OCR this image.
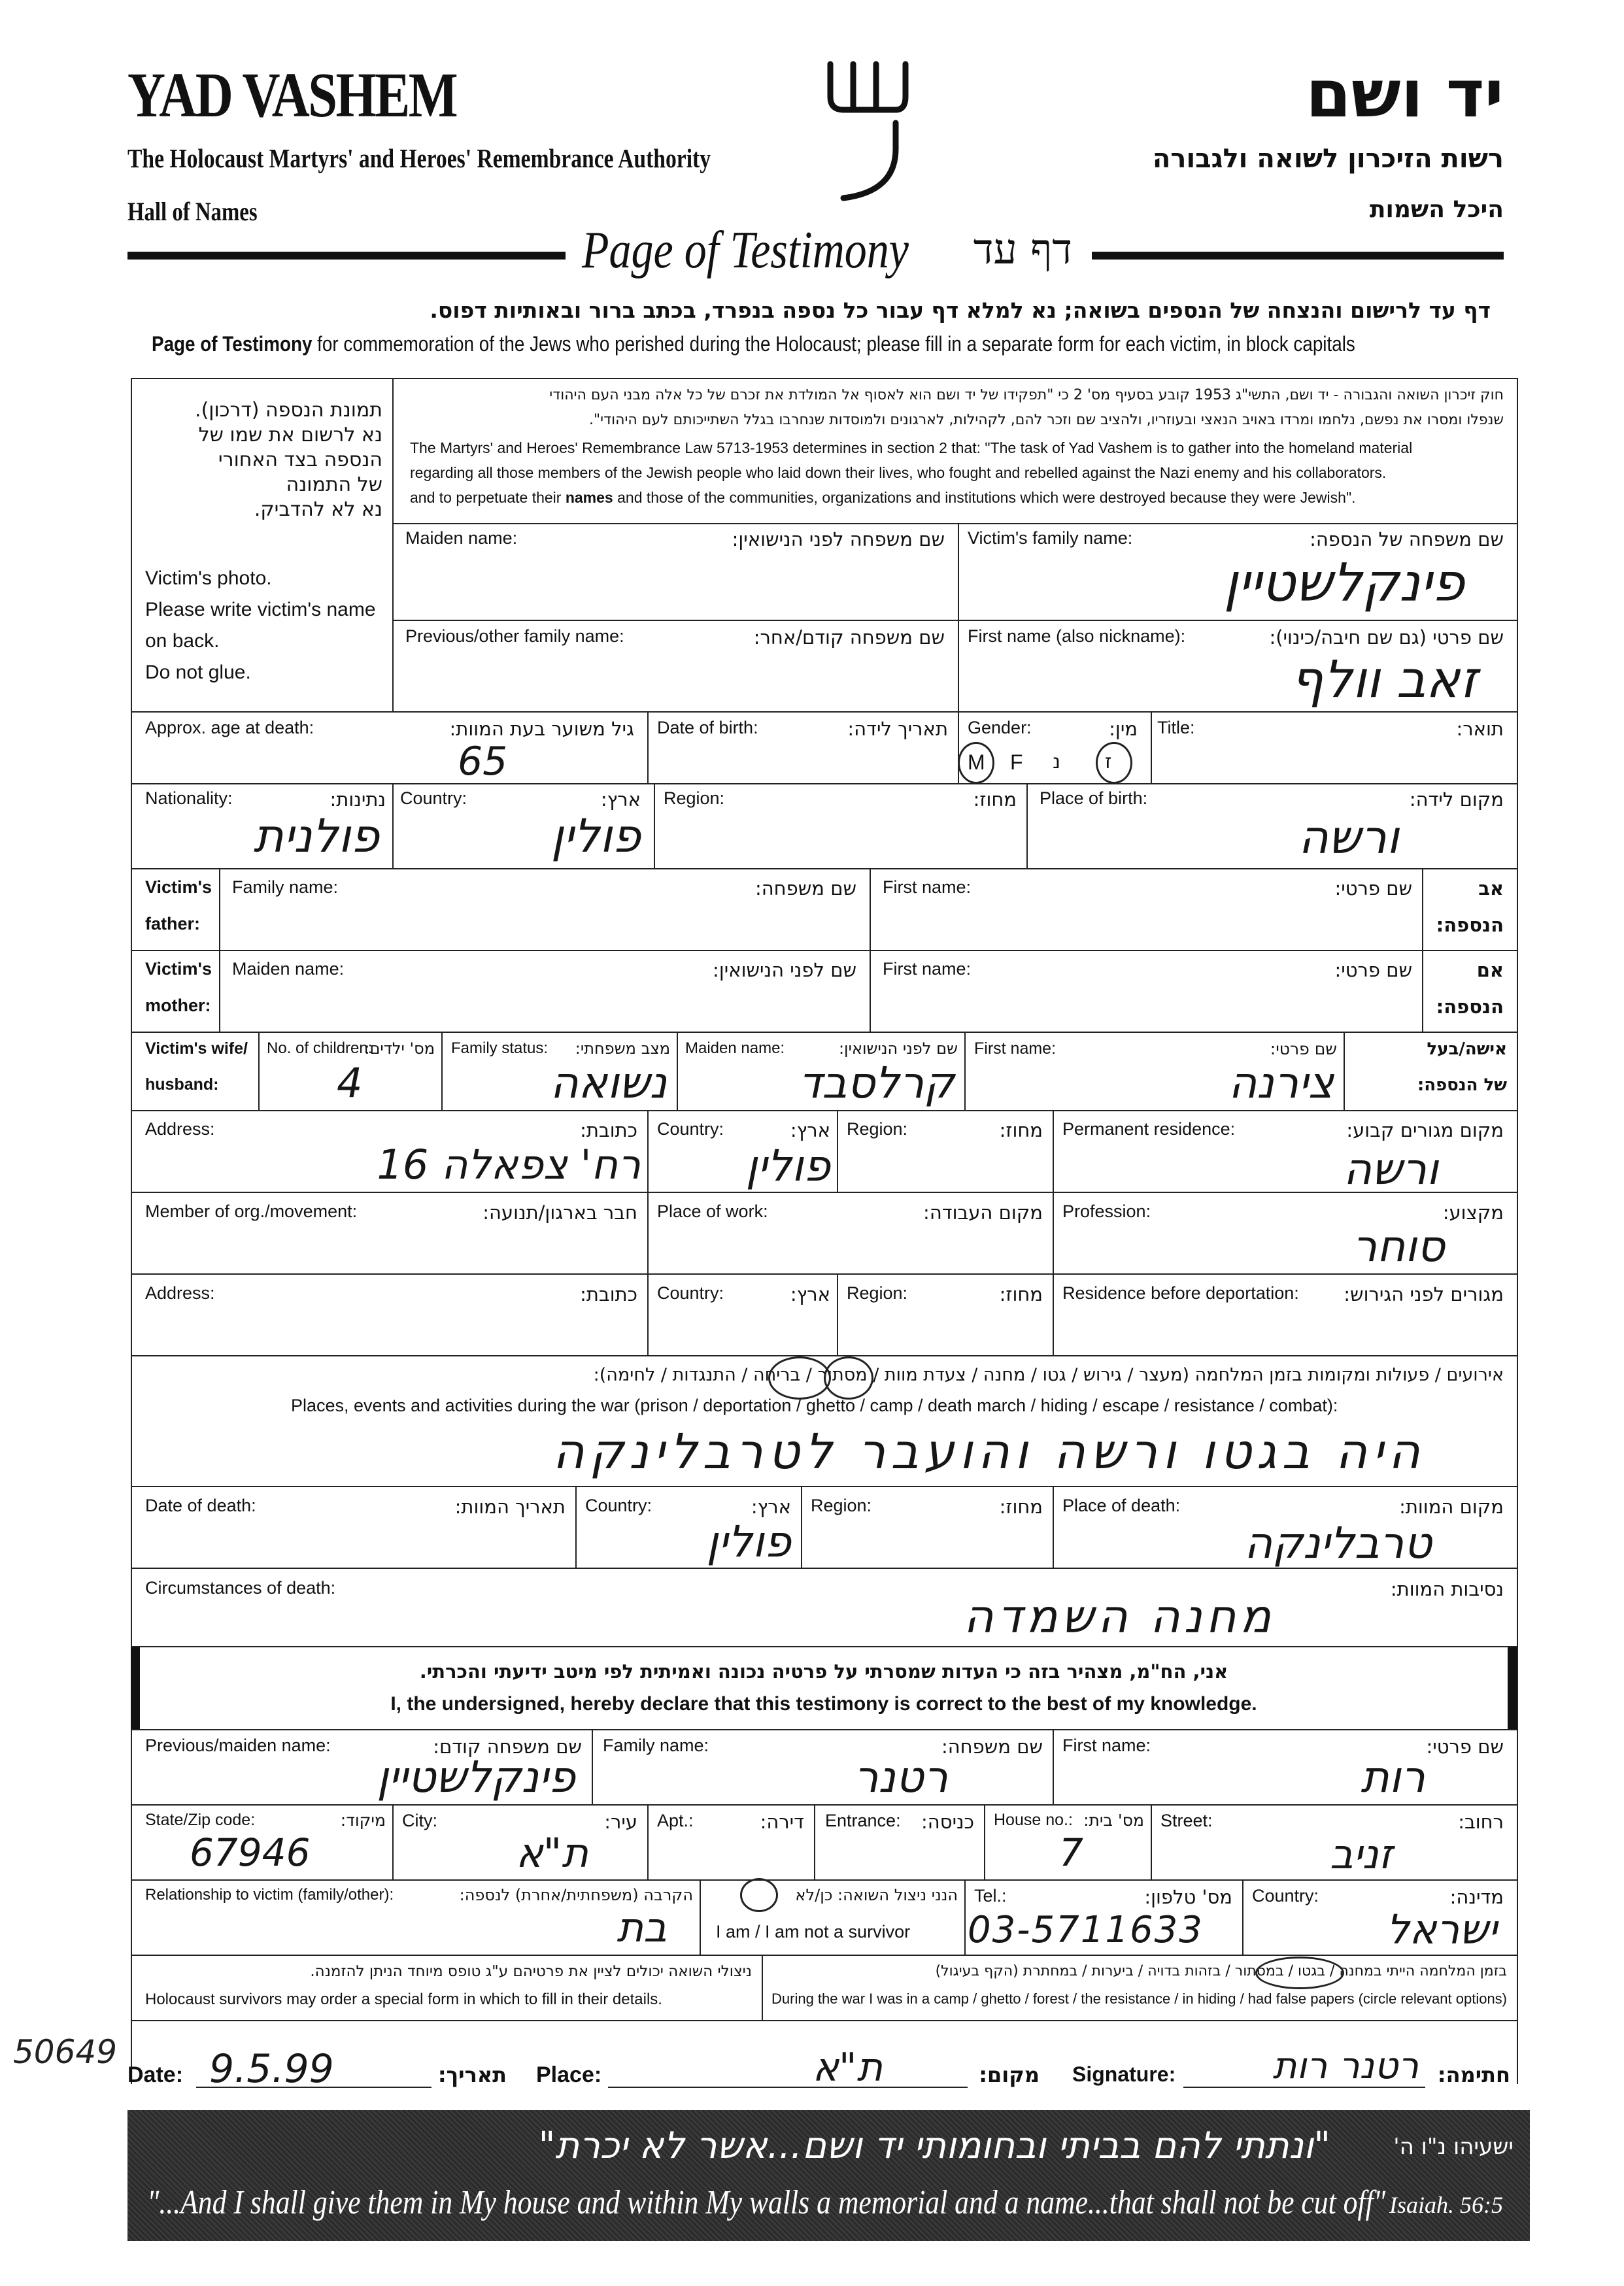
YAD VASHEM
The Holocaust Martyrs' and Heroes' Remembrance Authority
Hall of Names
יד ושם
רשות הזיכרון לשואה ולגבורה
היכל השמות
Page of Testimony	דף עד
דף עד לרישום והנצחה של הנספים בשואה; נא למלא דף עבור כל נספה בנפרד, בכתב ברור ובאותיות דפוס.
Page of Testimony for commemoration of the Jews who perished during the Holocaust; please fill in a separate form for each victim, in block capitals
תמונת הנספה (דרכון).
נא לרשום את שמו של
הנספה בצד האחורי
של התמונה
נא לא להדביק.
Victim's photo.
Please write victim's name
on back.
Do not glue.
חוק זיכרון השואה והגבורה - יד ושם, התשי"ג 1953 קובע בסעיף מס' 2 כי "תפקידו של יד ושם הוא לאסוף אל המולדת את זכרם של כל אלה מבני העם היהודי
שנפלו ומסרו את נפשם, נלחמו ומרדו באויב הנאצי ובעוזריו, ולהציב שם וזכר להם, לקהילות, לארגונים ולמוסדות שנחרבו בגלל השתייכותם לעם היהודי".
The Martyrs' and Heroes' Remembrance Law 5713-1953 determines in section 2 that: "The task of Yad Vashem is to gather into the homeland material
regarding all those members of the Jewish people who laid down their lives, who fought and rebelled against the Nazi enemy and his collaborators.
and to perpetuate their names and those of the communities, organizations and institutions which were destroyed because they were Jewish".
Maiden name:	שם משפחה לפני הנישואין: Victim's family name:	שם משפחה של הנספה:
פינקלשטיין
Previous/other family name:	שם משפחה קודם/אחר: First name (also nickname):	שם פרטי (גם שם חיבה/כינוי):
זאב וולף
Approx. age at death:	גיל משוער בעת המוות:
65
Date of birth:	תאריך לידה: Gender:	מין:
M F נ ז
Title:	תואר:
Nationality:	נתינות:
פולנית
Country:	ארץ:
פולין
Region:	מחוז: Place of birth:	מקום לידה:
ורשה
Victim's
father:
Family name:	שם משפחה: First name:	שם פרטי:	אב
הנספה:
Victim's
mother:
Maiden name:	שם לפני הנישואין: First name:	שם פרטי:	אם
הנספה:
Victim's wife/
husband:
No. of children:
מס' ילדים:
4
Family status:	מצב משפחתי:
נשואה
Maiden name:	שם לפני הנישואין:
קרלסבד
First name:	שם פרטי:
צירנה
אישה/בעל
של הנספה:
Address:	כתובת:
רח' צפאלה 16
Country:	ארץ:
פולין
Region:	מחוז: Permanent residence:	מקום מגורים קבוע:
ורשה
Member of org./movement:	חבר בארגון/תנועה: Place of work:	מקום העבודה: Profession:	מקצוע:
סוחר
Address:	כתובת: Country:	ארץ: Region:	מחוז: Residence before deportation:	מגורים לפני הגירוש:
אירועים / פעולות ומקומות בזמן המלחמה (מעצר / גירוש / גטו / מחנה / צעדת מוות / מסתור / בריחה / התנגדות / לחימה):
Places, events and activities during the war (prison / deportation / ghetto / camp / death march / hiding / escape / resistance / combat):
היה בגטו ורשה והועבר לטרבלינקה
Date of death:	תאריך המוות: Country:	ארץ:
פולין
Region:	מחוז: Place of death:	מקום המוות:
טרבלינקה
Circumstances of death:	נסיבות המוות:
מחנה השמדה
אני, הח"מ, מצהיר בזה כי העדות שמסרתי על פרטיה נכונה ואמיתית לפי מיטב ידיעתי והכרתי.
I, the undersigned, hereby declare that this testimony is correct to the best of my knowledge.
Previous/maiden name:	שם משפחה קודם:
פינקלשטיין
Family name:	שם משפחה:
רטנר
First name:	שם פרטי:
רות
State/Zip code:	מיקוד:
67946
City:	עיר:
ת"א
Apt.:	דירה: Entrance:	כניסה: House no.: מס' בית:
7
Street:	רחוב:
זניב
Relationship to victim (family/other):	הקרבה (משפחתית/אחרת) לנספה:
בת
הנני ניצול השואה: כן/לא
I am / I am not a survivor
Tel.:	מס' טלפון:
03-5711633
Country:	מדינה:
ישראל
ניצולי השואה יכולים לציין את פרטיהם ע"ג טופס מיוחד הניתן להזמנה.
Holocaust survivors may order a special form in which to fill in their details.
בזמן המלחמה הייתי במחנה / בגטו / במסתור / בזהות בדויה / ביערות / במחתרת (הקף בעיגול)
During the war I was in a camp / ghetto / forest / the resistance / in hiding / had false papers (circle relevant options)
50649
Date: 9.5.99	תאריך: Place:	ת"א	מקום: Signature:	רטנר רות חתימה:
"ונתתי להם בביתי ובחומותי יד ושם...אשר לא יכרת"	ישעיהו נ"ו ה'
"...And I shall give them in My house and within My walls a memorial and a name...that shall not be cut off" Isaiah. 56:5
